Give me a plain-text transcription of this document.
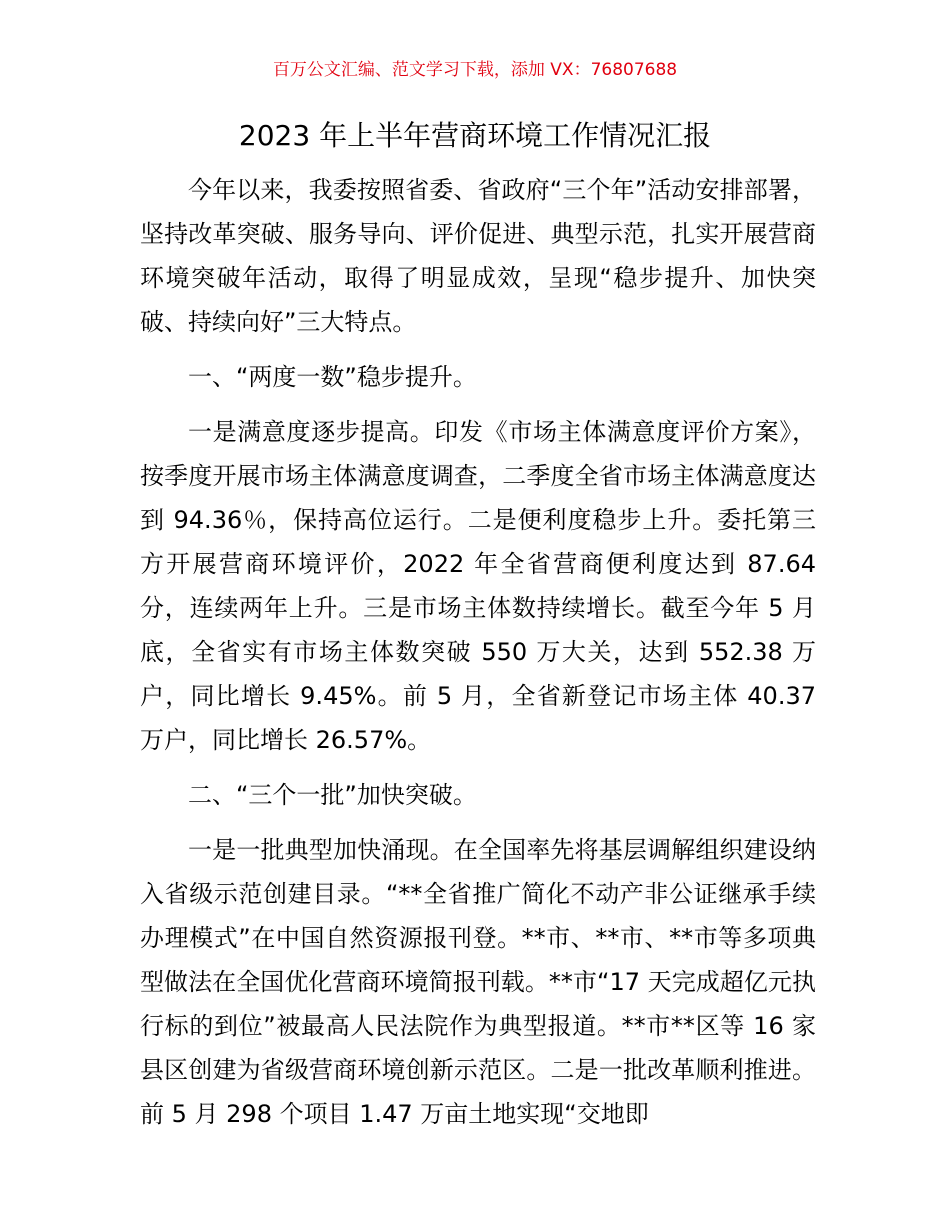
百万公文汇编、范文学习下载，添加 VX：76807688
2023 年上半年营商环境工作情况汇报

今年以来，我委按照省委、省政府“三个年”活动安排部署，坚持改革突破、服务导向、评价促进、典型示范，扎实开展营商环境突破年活动，取得了明显成效，呈现“稳步提升、加快突破、持续向好”三大特点。

一、“两度一数”稳步提升。

一是满意度逐步提高。印发《市场主体满意度评价方案》，按季度开展市场主体满意度调查，二季度全省市场主体满意度达到 94.36％，保持高位运行。二是便利度稳步上升。委托第三方开展营商环境评价，2022 年全省营商便利度达到 87.64 分，连续两年上升。三是市场主体数持续增长。截至今年 5 月底，全省实有市场主体数突破 550 万大关，达到 552.38 万户，同比增长 9.45%。前 5 月，全省新登记市场主体 40.37 万户，同比增长 26.57%。

二、“三个一批”加快突破。

一是一批典型加快涌现。在全国率先将基层调解组织建设纳入省级示范创建目录。“**全省推广简化不动产非公证继承手续办理模式”在中国自然资源报刊登。**市、**市、**市等多项典型做法在全国优化营商环境简报刊载。**市“17 天完成超亿元执行标的到位”被最高人民法院作为典型报道。**市**区等 16 家县区创建为省级营商环境创新示范区。二是一批改革顺利推进。前 5 月 298 个项目 1.47 万亩土地实现“交地即
